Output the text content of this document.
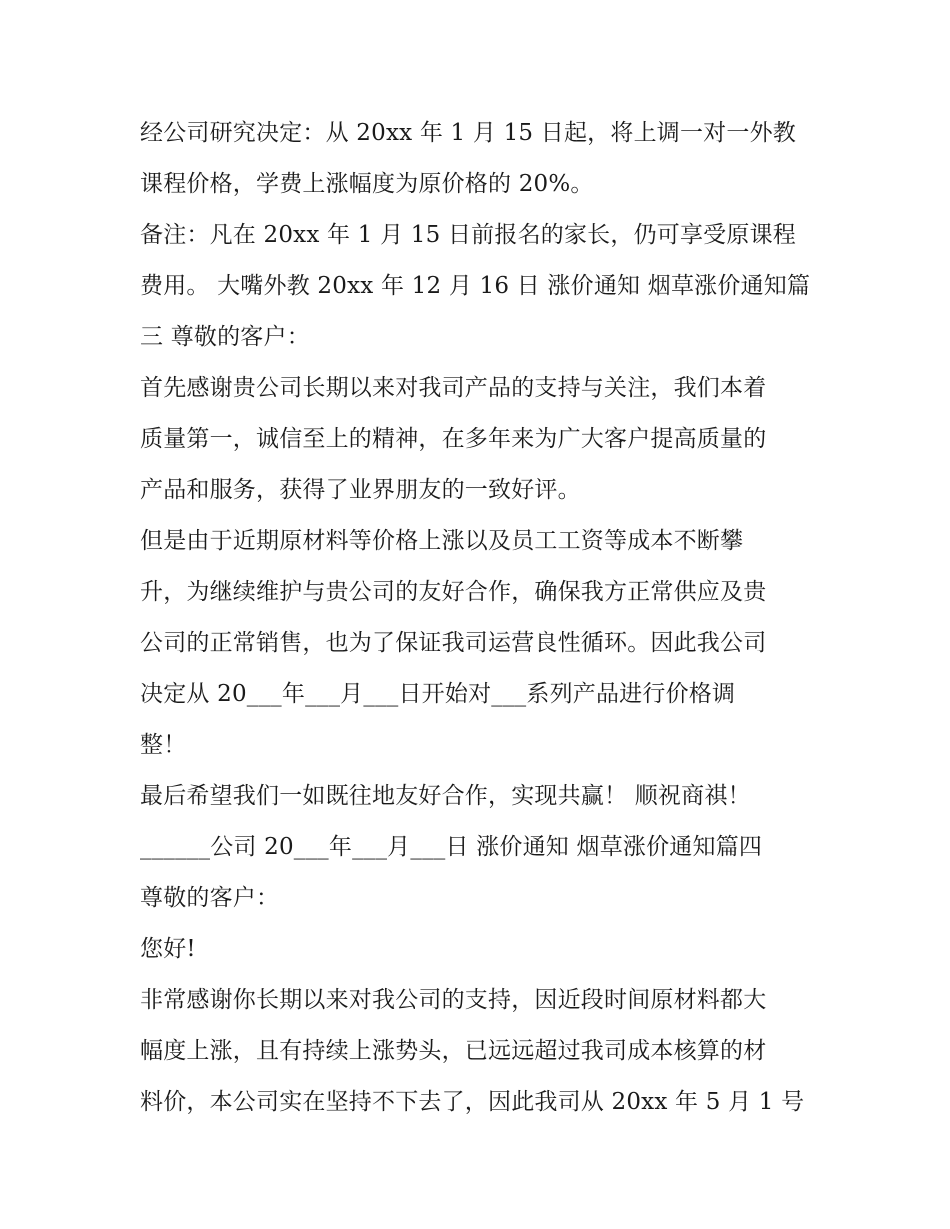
经公司研究决定：从 20xx 年 1 月 15 日起，将上调一对一外教
课程价格，学费上涨幅度为原价格的 20%。
备注：凡在 20xx 年 1 月 15 日前报名的家长，仍可享受原课程
费用。 大嘴外教 20xx 年 12 月 16 日 涨价通知 烟草涨价通知篇
三 尊敬的客户：
首先感谢贵公司长期以来对我司产品的支持与关注，我们本着
质量第一，诚信至上的精神，在多年来为广大客户提高质量的
产品和服务，获得了业界朋友的一致好评。
但是由于近期原材料等价格上涨以及员工工资等成本不断攀
升，为继续维护与贵公司的友好合作，确保我方正常供应及贵
公司的正常销售，也为了保证我司运营良性循环。因此我公司
决定从 20___年___月___日开始对___系列产品进行价格调
整！
最后希望我们一如既往地友好合作，实现共赢！ 顺祝商祺！
______公司 20___年___月___日 涨价通知 烟草涨价通知篇四
尊敬的客户：
您好!
非常感谢你长期以来对我公司的支持，因近段时间原材料都大
幅度上涨，且有持续上涨势头，已远远超过我司成本核算的材
料价，本公司实在坚持不下去了，因此我司从 20xx 年 5 月 1 号
